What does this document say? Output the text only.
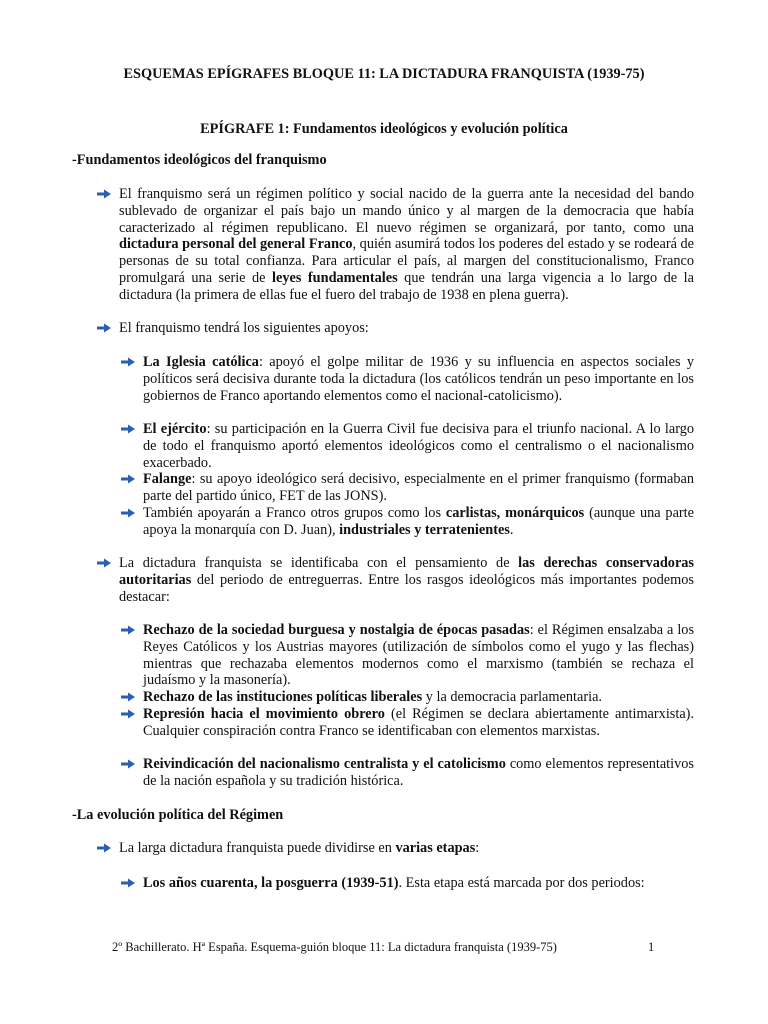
ESQUEMAS EPÍGRAFES BLOQUE 11: LA DICTADURA FRANQUISTA (1939-75)
EPÍGRAFE 1: Fundamentos ideológicos y evolución política
-Fundamentos ideológicos del franquismo
El franquismo será un régimen político y social nacido de la guerra ante la necesidad del bando sublevado de organizar el país bajo un mando único y al margen de la democracia que había caracterizado al régimen republicano. El nuevo régimen se organizará, por tanto, como una dictadura personal del general Franco, quién asumirá todos los poderes del estado y se rodeará de personas de su total confianza. Para articular el país, al margen del constitucionalismo, Franco promulgará una serie de leyes fundamentales que tendrán una larga vigencia a lo largo de la dictadura (la primera de ellas fue el fuero del trabajo de 1938 en plena guerra).
El franquismo tendrá los siguientes apoyos:
La Iglesia católica: apoyó el golpe militar de 1936 y su influencia en aspectos sociales y políticos será decisiva durante toda la dictadura (los católicos tendrán un peso importante en los gobiernos de Franco aportando elementos como el nacional-catolicismo).
El ejército: su participación en la Guerra Civil fue decisiva para el triunfo nacional. A lo largo de todo el franquismo aportó elementos ideológicos como el centralismo o el nacionalismo exacerbado.
Falange: su apoyo ideológico será decisivo, especialmente en el primer franquismo (formaban parte del partido único, FET de las JONS).
También apoyarán a Franco otros grupos como los carlistas, monárquicos (aunque una parte apoya la monarquía con D. Juan), industriales y terratenientes.
La dictadura franquista se identificaba con el pensamiento de las derechas conservadoras autoritarias del periodo de entreguerras. Entre los rasgos ideológicos más importantes podemos destacar:
Rechazo de la sociedad burguesa y nostalgia de épocas pasadas: el Régimen ensalzaba a los Reyes Católicos y los Austrias mayores (utilización de símbolos como el yugo y las flechas) mientras que rechazaba elementos modernos como el marxismo (también se rechaza el judaísmo y la masonería).
Rechazo de las instituciones políticas liberales y la democracia parlamentaria.
Represión hacia el movimiento obrero (el Régimen se declara abiertamente antimarxista). Cualquier conspiración contra Franco se identificaban con elementos marxistas.
Reivindicación del nacionalismo centralista y el catolicismo como elementos representativos de la nación española y su tradición histórica.
-La evolución política del Régimen
La larga dictadura franquista puede dividirse en varias etapas:
Los años cuarenta, la posguerra (1939-51). Esta etapa está marcada por dos periodos:
2º Bachillerato. Hª España. Esquema-guión bloque 11: La dictadura franquista (1939-75)	1
